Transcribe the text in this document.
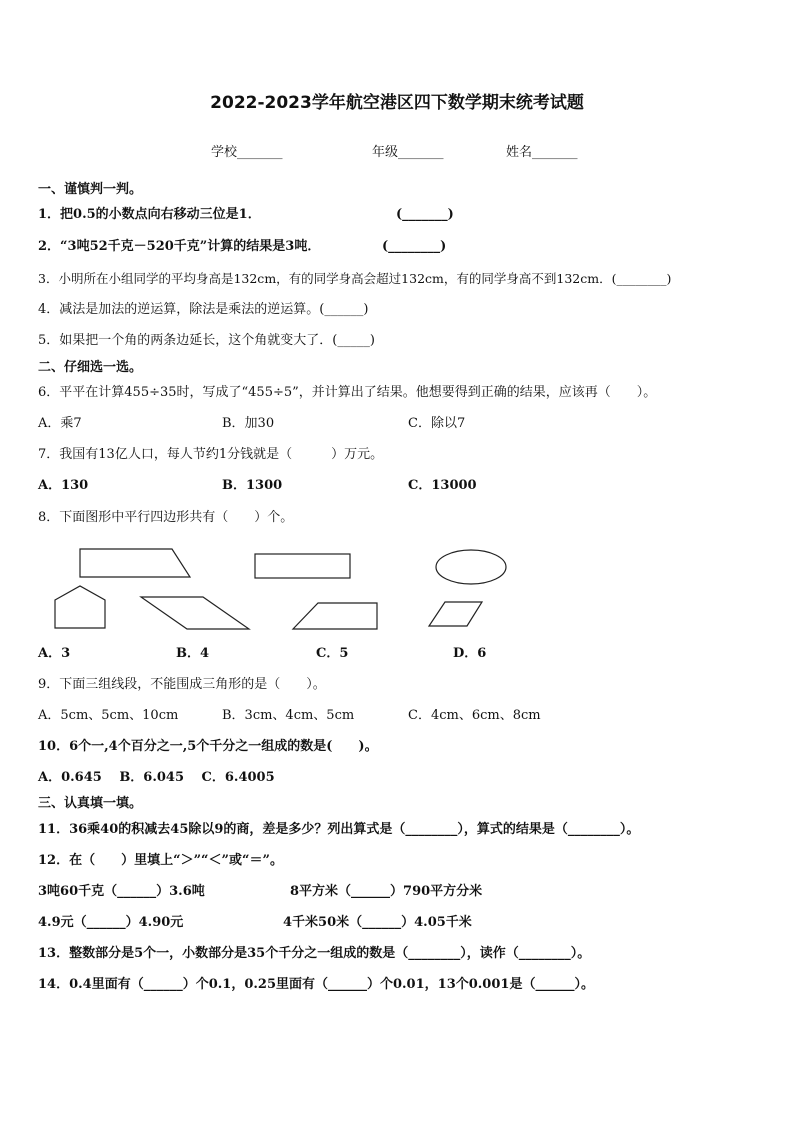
2022-2023学年航空港区四下数学期末统考试题
学校_______	年级_______	姓名_______
一、谨慎判一判。
1．把0.5的小数点向右移动三位是1．	(_______)
2．“3吨52千克－520千克”计算的结果是3吨．	(________)
3．小明所在小组同学的平均身高是132cm，有的同学身高会超过132cm，有的同学身高不到132cm．(________)
4．减法是加法的逆运算，除法是乘法的逆运算。(______)
5．如果把一个角的两条边延长，这个角就变大了．(_____)
二、仔细选一选。
6．平平在计算455÷35时，写成了“455÷5”，并计算出了结果。他想要得到正确的结果，应该再（　　）。
A．乘7	B．加30	C．除以7
7．我国有13亿人口，每人节约1分钱就是（　　　）万元。
A．130	B．1300	C．13000
8．下面图形中平行四边形共有（　　）个。
A．3	B．4	C．5	D．6
9．下面三组线段，不能围成三角形的是（　　）。
A．5cm、5cm、10cm	B．3cm、4cm、5cm	C．4cm、6cm、8cm
10．6个一,4个百分之一,5个千分之一组成的数是(　　)。
A．0.645　 B．6.045　 C．6.4005
三、认真填一填。
11．36乘40的积减去45除以9的商，差是多少？列出算式是（________），算式的结果是（________）。
12．在（　　）里填上“＞”“＜”或“＝”。
3吨60千克（______）3.6吨	8平方米（______）790平方分米
4.9元（______）4.90元	4千米50米（______）4.05千米
13．整数部分是5个一，小数部分是35个千分之一组成的数是（________），读作（________）。
14．0.4里面有（______）个0.1，0.25里面有（______）个0.01，13个0.001是（______）。
